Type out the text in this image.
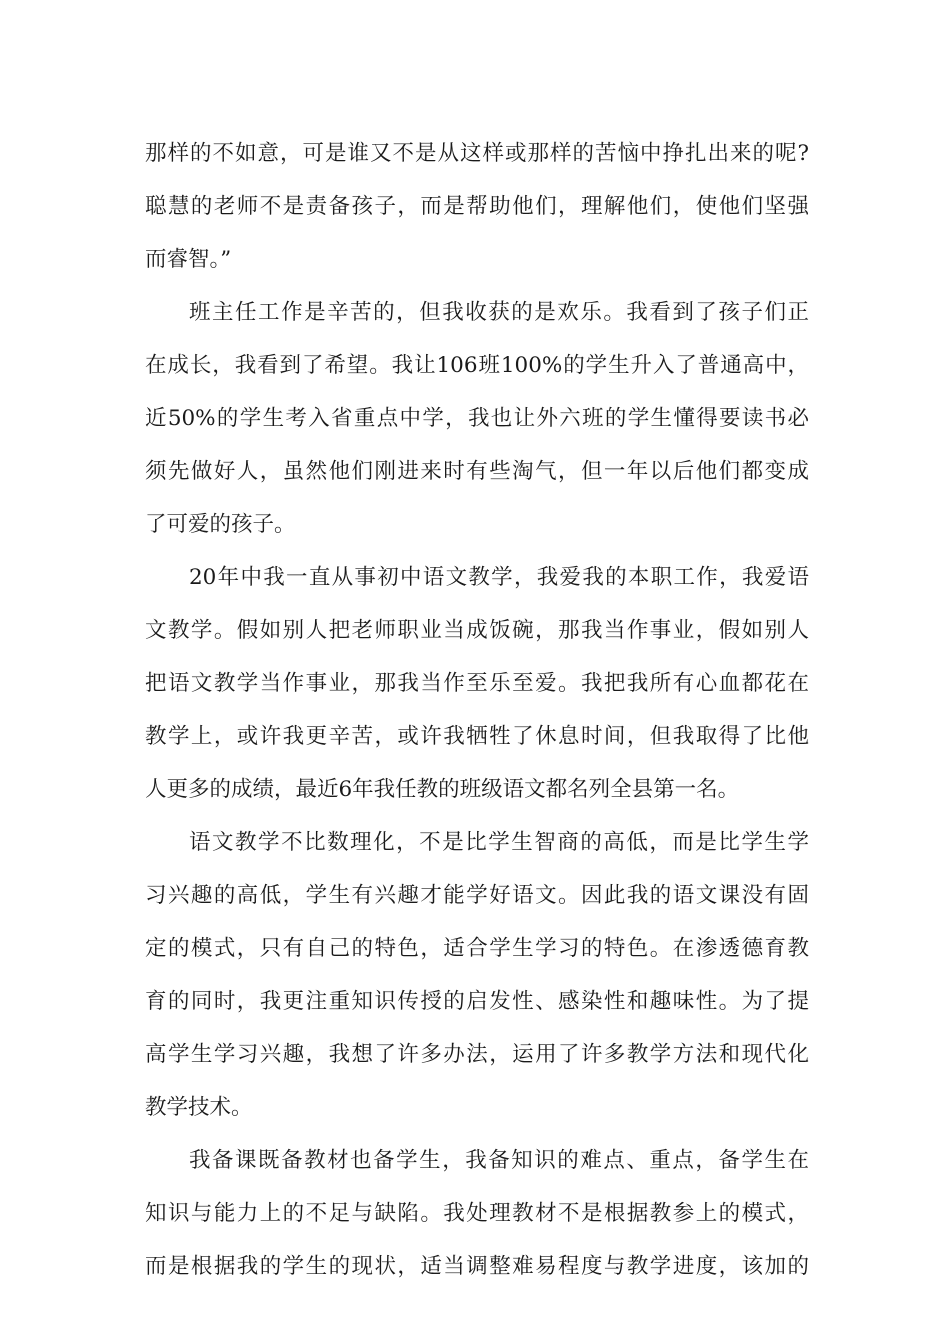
那样的不如意，可是谁又不是从这样或那样的苦恼中挣扎出来的呢?
聪慧的老师不是责备孩子，而是帮助他们，理解他们，使他们坚强
而睿智。”
班主任工作是辛苦的，但我收获的是欢乐。我看到了孩子们正
在成长，我看到了希望。我让106班100%的学生升入了普通高中，
近50%的学生考入省重点中学，我也让外六班的学生懂得要读书必
须先做好人，虽然他们刚进来时有些淘气，但一年以后他们都变成
了可爱的孩子。
20年中我一直从事初中语文教学，我爱我的本职工作，我爱语
文教学。假如别人把老师职业当成饭碗，那我当作事业，假如别人
把语文教学当作事业，那我当作至乐至爱。我把我所有心血都花在
教学上，或许我更辛苦，或许我牺牲了休息时间，但我取得了比他
人更多的成绩，最近6年我任教的班级语文都名列全县第一名。
语文教学不比数理化，不是比学生智商的高低，而是比学生学
习兴趣的高低，学生有兴趣才能学好语文。因此我的语文课没有固
定的模式，只有自己的特色，适合学生学习的特色。在渗透德育教
育的同时，我更注重知识传授的启发性、感染性和趣味性。为了提
高学生学习兴趣，我想了许多办法，运用了许多教学方法和现代化
教学技术。
我备课既备教材也备学生，我备知识的难点、重点，备学生在
知识与能力上的不足与缺陷。我处理教材不是根据教参上的模式，
而是根据我的学生的现状，适当调整难易程度与教学进度，该加的
